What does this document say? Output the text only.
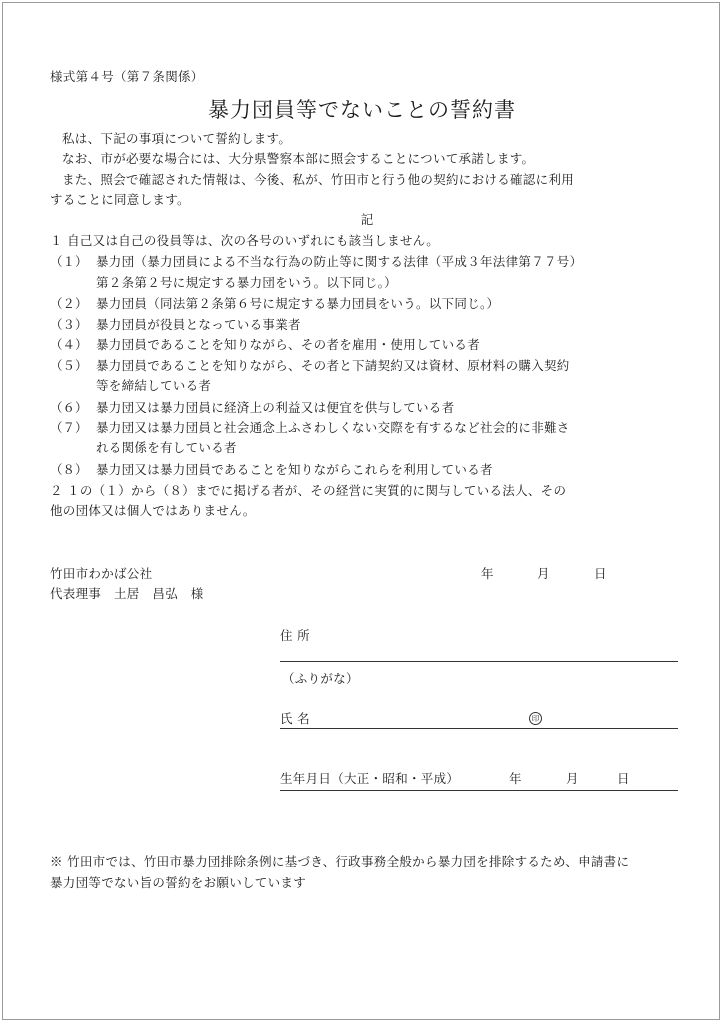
様式第４号（第７条関係）
暴力団員等でないことの誓約書
私は、下記の事項について誓約します。
なお、市が必要な場合には、大分県警察本部に照会することについて承諾します。
また、照会で確認された情報は、今後、私が、竹田市と行う他の契約における確認に利用
することに同意します。
記
１ 自己又は自己の役員等は、次の各号のいずれにも該当しません。
（１） 暴力団（暴力団員による不当な行為の防止等に関する法律（平成３年法律第７７号）
第２条第２号に規定する暴力団をいう。以下同じ。）
（２） 暴力団員（同法第２条第６号に規定する暴力団員をいう。以下同じ。）
（３） 暴力団員が役員となっている事業者
（４） 暴力団員であることを知りながら、その者を雇用・使用している者
（５） 暴力団員であることを知りながら、その者と下請契約又は資材、原材料の購入契約
等を締結している者
（６） 暴力団又は暴力団員に経済上の利益又は便宜を供与している者
（７） 暴力団又は暴力団員と社会通念上ふさわしくない交際を有するなど社会的に非難さ
れる関係を有している者
（８） 暴力団又は暴力団員であることを知りながらこれらを利用している者
２ １の（１）から（８）までに掲げる者が、その経営に実質的に関与している法人、その
他の団体又は個人ではありません。
竹田市わかば公社
代表理事　土居　昌弘　様
年	月	日
住 所
（ふりがな）
氏 名	印
生年月日（大正・昭和・平成）	年	月	日
※ 竹田市では、竹田市暴力団排除条例に基づき、行政事務全般から暴力団を排除するため、申請書に
暴力団等でない旨の誓約をお願いしています
